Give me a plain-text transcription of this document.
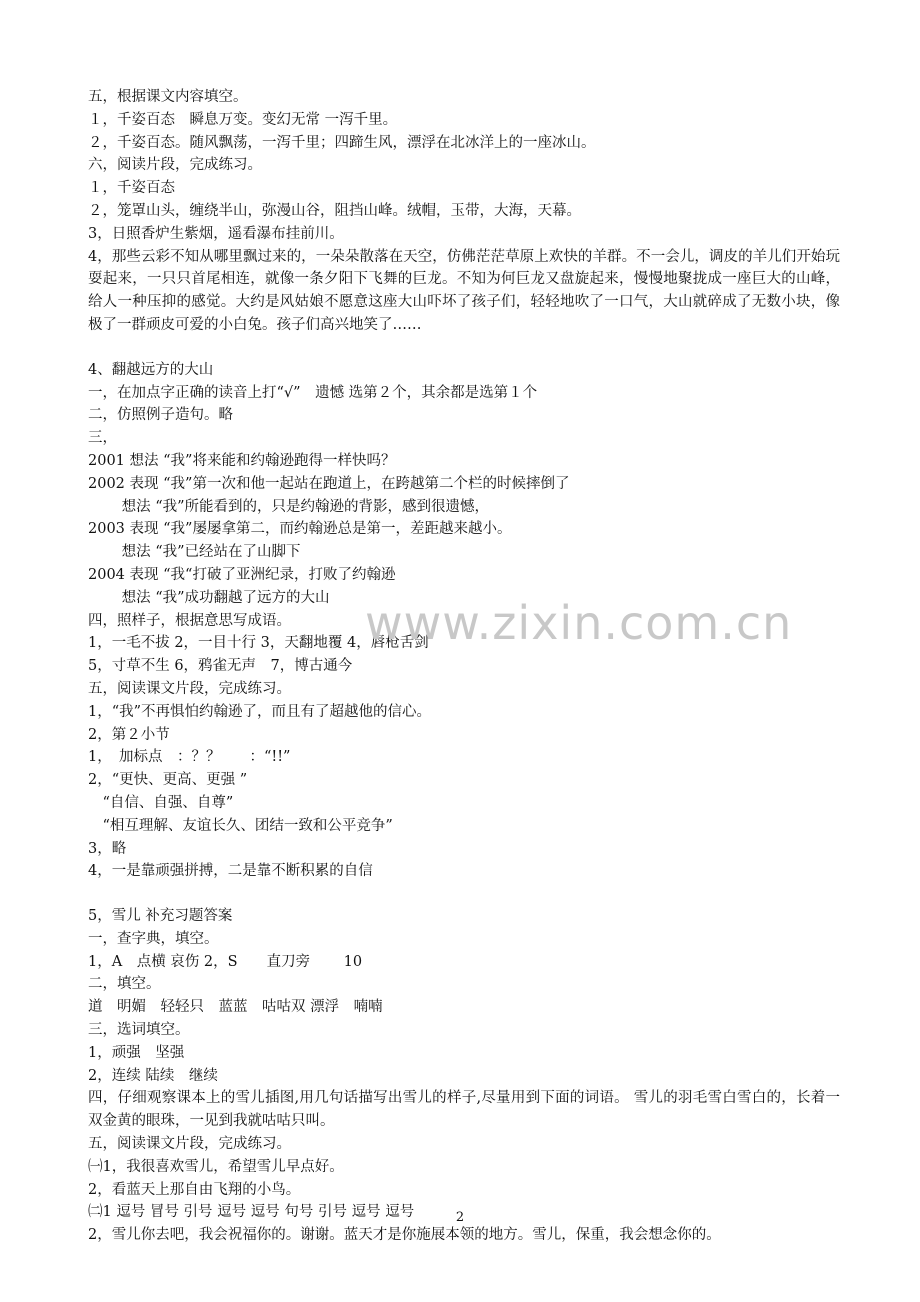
五，根据课文内容填空。
１，千姿百态　瞬息万变。变幻无常 一泻千里。
２，千姿百态。随风飘荡，一泻千里；四蹄生风，漂浮在北冰洋上的一座冰山。
六，阅读片段，完成练习。
１，千姿百态
２，笼罩山头，缠绕半山，弥漫山谷，阻挡山峰。绒帽，玉带，大海，天幕。
3，日照香炉生紫烟，遥看瀑布挂前川。
4，那些云彩不知从哪里飘过来的，一朵朵散落在天空，仿佛茫茫草原上欢快的羊群。不一会儿，调皮的羊儿们开始玩耍起来，一只只首尾相连，就像一条夕阳下飞舞的巨龙。不知为何巨龙又盘旋起来，慢慢地聚拢成一座巨大的山峰，给人一种压抑的感觉。大约是风姑娘不愿意这座大山吓坏了孩子们，轻轻地吹了一口气，大山就碎成了无数小块，像极了一群顽皮可爱的小白兔。孩子们高兴地笑了……
4、翻越远方的大山
一，在加点字正确的读音上打“√”　遗憾 选第２个，其余都是选第１个
二，仿照例子造句。略
三，
2001 想法 “我”将来能和约翰逊跑得一样快吗？
2002 表现 “我”第一次和他一起站在跑道上，在跨越第二个栏的时候摔倒了
　　 想法 “我”所能看到的，只是约翰逊的背影，感到很遗憾，
2003 表现 “我”屡屡拿第二，而约翰逊总是第一，差距越来越小。
　　 想法 “我”已经站在了山脚下
2004 表现 “我“打破了亚洲纪录，打败了约翰逊
　　 想法 “我”成功翻越了远方的大山
四，照样子，根据意思写成语。
1，一毛不拔 2，一目十行 3，天翻地覆 4，唇枪舌剑
5，寸草不生 6，鸦雀无声　7，博古通今
五，阅读课文片段，完成练习。
1，“我”不再惧怕约翰逊了，而且有了超越他的信心。
2，第２小节
1，　加标点　：？？　　：“!!”
2，“更快、更高、更强 ”
　“自信、自强、自尊”
　“相互理解、友谊长久、团结一致和公平竞争”
3，略
4，一是靠顽强拼搏，二是靠不断积累的自信
5，雪儿 补充习题答案
一，查字典，填空。
1，A　点横 哀伤 2，S　　直刀旁　　 10
二，填空。
道　明媚　轻轻只　蓝蓝　咕咕双 漂浮　喃喃
三，选词填空。
1，顽强　坚强
2，连续 陆续　继续
四，仔细观察课本上的雪儿插图,用几句话描写出雪儿的样子,尽量用到下面的词语。 雪儿的羽毛雪白雪白的，长着一双金黄的眼珠，一见到我就咕咕只叫。
五，阅读课文片段，完成练习。
㈠1，我很喜欢雪儿，希望雪儿早点好。
2，看蓝天上那自由飞翔的小鸟。
㈡1 逗号 冒号 引号 逗号 逗号 句号 引号 逗号 逗号
2，雪儿你去吧，我会祝福你的。谢谢。蓝天才是你施展本领的地方。雪儿，保重，我会想念你的。
www.zixin.com.cn
2
